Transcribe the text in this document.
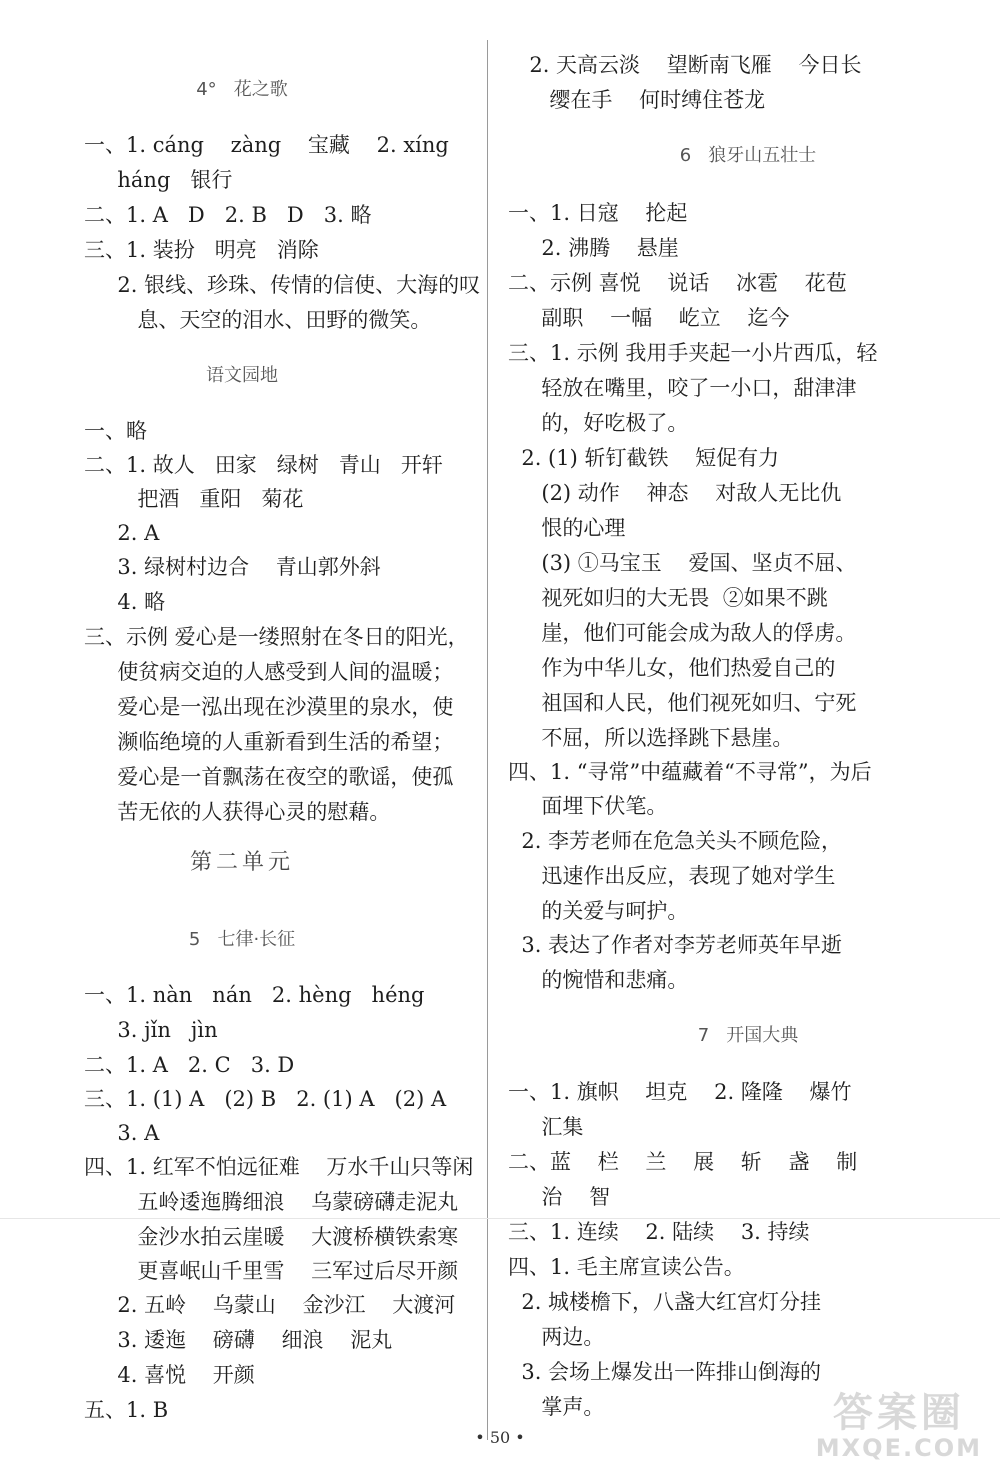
4°   花之歌
一、1. cáng    zàng    宝藏    2. xíng
háng   银行
二、1. A   D   2. B   D   3. 略
三、1. 装扮   明亮   消除
2. 银线、珍珠、传情的信使、大海的叹
息、天空的泪水、田野的微笑。
语文园地
一、略
二、1. 故人   田家   绿树   青山   开轩
把酒   重阳   菊花
2. A
3. 绿树村边合    青山郭外斜
4. 略
三、示例 爱心是一缕照射在冬日的阳光，
使贫病交迫的人感受到人间的温暖；
爱心是一泓出现在沙漠里的泉水，使
濒临绝境的人重新看到生活的希望；
爱心是一首飘荡在夜空的歌谣，使孤
苦无依的人获得心灵的慰藉。
第二单元
5   七律·长征
一、1. nàn   nán   2. hèng   héng
3. jǐn   jìn
二、1. A   2. C   3. D
三、1. (1) A   (2) B   2. (1) A   (2) A
3. A
四、1. 红军不怕远征难    万水千山只等闲
五岭逶迤腾细浪    乌蒙磅礴走泥丸
金沙水拍云崖暖    大渡桥横铁索寒
更喜岷山千里雪    三军过后尽开颜
2. 五岭    乌蒙山    金沙江    大渡河
3. 逶迤    磅礴    细浪    泥丸
4. 喜悦    开颜
五、1. B
2. 天高云淡    望断南飞雁    今日长
缨在手    何时缚住苍龙
6   狼牙山五壮士
一、1. 日寇    抡起
2. 沸腾    悬崖
二、示例 喜悦    说话    冰雹    花苞
副职    一幅    屹立    迄今
三、1. 示例 我用手夹起一小片西瓜，轻
轻放在嘴里，咬了一小口，甜津津
的，好吃极了。
2. (1) 斩钉截铁    短促有力
(2) 动作    神态    对敌人无比仇
恨的心理
(3) ①马宝玉    爱国、坚贞不屈、
视死如归的大无畏  ②如果不跳
崖，他们可能会成为敌人的俘虏。
作为中华儿女，他们热爱自己的
祖国和人民，他们视死如归、宁死
不屈，所以选择跳下悬崖。
四、1. “寻常”中蕴藏着“不寻常”，为后
面埋下伏笔。
2. 李芳老师在危急关头不顾危险，
迅速作出反应，表现了她对学生
的关爱与呵护。
3. 表达了作者对李芳老师英年早逝
的惋惜和悲痛。
7   开国大典
一、1. 旗帜    坦克    2. 隆隆    爆竹
汇集
二、蓝    栏    兰    展    斩    盏    制
治    智
三、1. 连续    2. 陆续    3. 持续
四、1. 毛主席宣读公告。
2. 城楼檐下，八盏大红宫灯分挂
两边。
3. 会场上爆发出一阵排山倒海的
掌声。
• 50 •
答案圈
MXQE.COM
